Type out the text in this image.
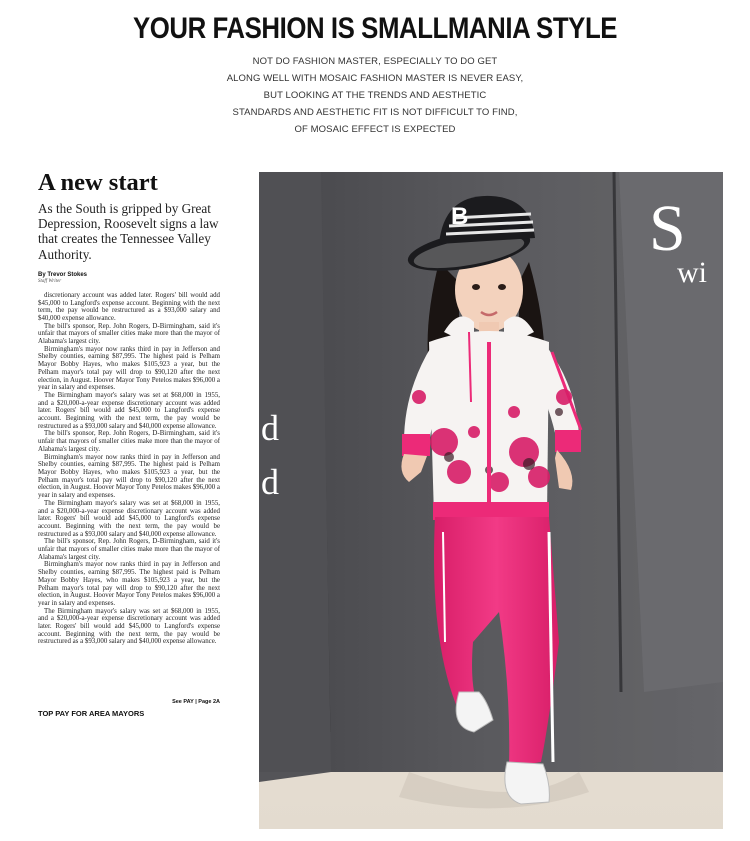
YOUR FASHION IS SMALLMANIA STYLE
NOT DO FASHION MASTER, ESPECIALLY TO DO GET
ALONG WELL WITH MOSAIC FASHION MASTER IS NEVER EASY,
BUT LOOKING AT THE TRENDS AND AESTHETIC
STANDARDS AND AESTHETIC FIT IS NOT DIFFICULT TO FIND,
OF MOSAIC EFFECT IS EXPECTED
A new start
As the South is gripped by Great Depression, Roosevelt signs a law that creates the Tennessee Valley Authority.
By Trevor Stokes
Staff Writer

discretionary account was added later. Rogers' bill would add $45,000 to Langford's expense account. Beginning with the next term, the pay would be restructured as a $93,000 salary and $40,000 expense allowance.

The bill's sponsor, Rep. John Rogers, D-Birmingham, said it's unfair that mayors of smaller cities make more than the mayor of Alabama's largest city.

Birmingham's mayor now ranks third in pay in Jefferson and Shelby counties, earning $87,995. The highest paid is Pelham Mayor Bobby Hayes, who makes $105,923 a year, but the Pelham mayor's total pay will drop to $90,120 after the next election, in August. Hoover Mayor Tony Petelos makes $96,000 a year in salary and expenses.

The Birmingham mayor's salary was set at $68,000 in 1955, and a $20,000-a-year expense discretionary account was added later. Rogers' bill would add $45,000 to Langford's expense account. Beginning with the next term, the pay would be restructured as a $93,000 salary and $40,000 expense allowance.

The bill's sponsor, Rep. John Rogers, D-Birmingham, said it's unfair that mayors of smaller cities make more than the mayor of Alabama's largest city.

Birmingham's mayor now ranks third in pay in Jefferson and Shelby counties, earning $87,995. The highest paid is Pelham Mayor Bobby Hayes, who makes $105,923 a year, but the Pelham mayor's total pay will drop to $90,120 after the next election, in August. Hoover Mayor Tony Petelos makes $96,000 a year in salary and expenses.

The Birmingham mayor's salary was set at $68,000 in 1955, and a $20,000-a-year expense discretionary account was added later. Rogers' bill would add $45,000 to Langford's expense account. Beginning with the next term, the pay would be restructured as a $93,000 salary and $40,000 expense allowance.

The bill's sponsor, Rep. John Rogers, D-Birmingham, said it's unfair that mayors of smaller cities make more than the mayor of Alabama's largest city.

Birmingham's mayor now ranks third in pay in Jefferson and Shelby counties, earning $87,995. The highest paid is Pelham Mayor Bobby Hayes, who makes $105,923 a year, but the Pelham mayor's total pay will drop to $90,120 after the next election, in August. Hoover Mayor Tony Petelos makes $96,000 a year in salary and expenses.

The Birmingham mayor's salary was set at $68,000 in 1955, and a $20,000-a-year expense discretionary account was added later. Rogers' bill would add $45,000 to Langford's expense account. Beginning with the next term, the pay would be restructured as a $93,000 salary and $40,000 expense allowance.

See PAY | Page 2A
TOP PAY FOR AREA MAYORS
S
wi
d
d
B
